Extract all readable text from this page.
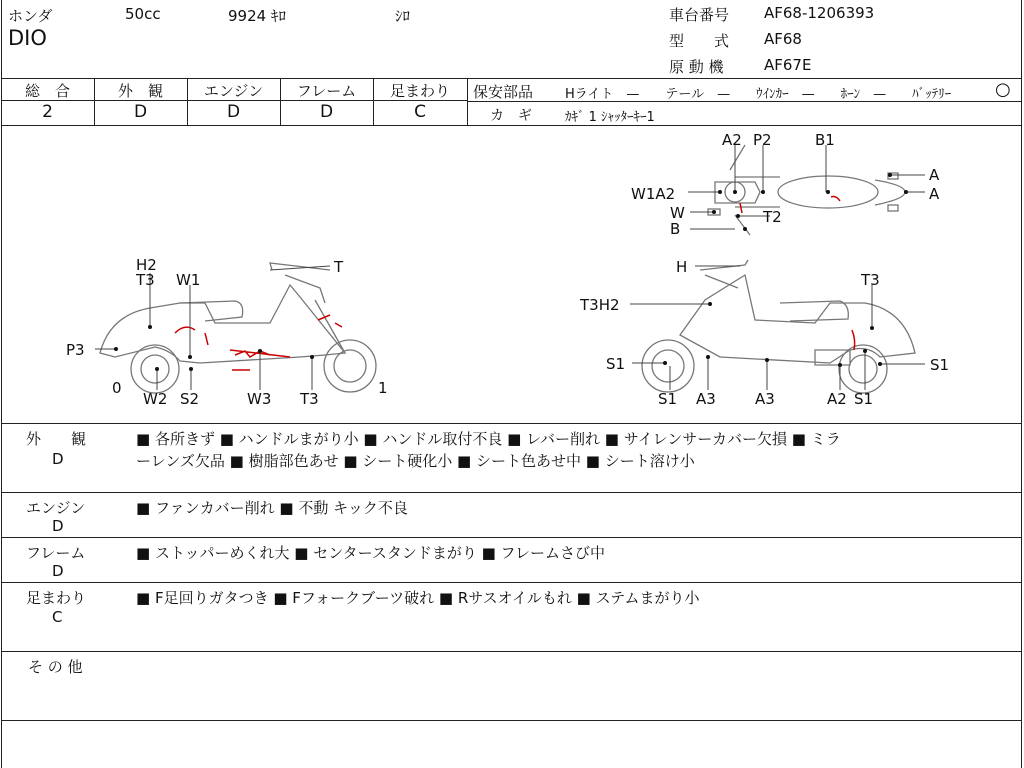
ホンダ	50cc	9924 ｷﾛ	ｼﾛ
DIO
車台番号 AF68-1206393
型　　式 AF68
原 動 機	AF67E
総　合	外　観	エンジン	フレーム	足まわり
2	D	D	D	C
保安部品 Hライト　—　　テール　—　　ｳｲﾝｶｰ　—　　ﾎｰﾝ　—　　ﾊﾞｯﾃﾘｰ ○
カ　ギ	ｶｷﾞ 1 ｼｬｯﾀｰｷｰ1
A2 P2	B1
A
A
W1A2
W	T2
B
H2
T3 W1
T
P3
0
W2 S2	W3 T3
1
H
T3
T3H2
S1	S1
S1 A3	A3	A2 S1
外　　観
D
■ 各所きず ■ ハンドルまがり小 ■ ハンドル取付不良 ■ レバー削れ ■ サイレンサーカバー欠損 ■ ミラ
ーレンズ欠品 ■ 樹脂部色あせ ■ シート硬化小 ■ シート色あせ中 ■ シート溶け小
エンジン
D
■ ファンカバー削れ ■ 不動 キック不良
フレーム
D
■ ストッパーめくれ大 ■ センタースタンドまがり ■ フレームさび中
足まわり
C
■ F足回りガタつき ■ Fフォークブーツ破れ ■ Rサスオイルもれ ■ ステムまがり小
そ の 他
